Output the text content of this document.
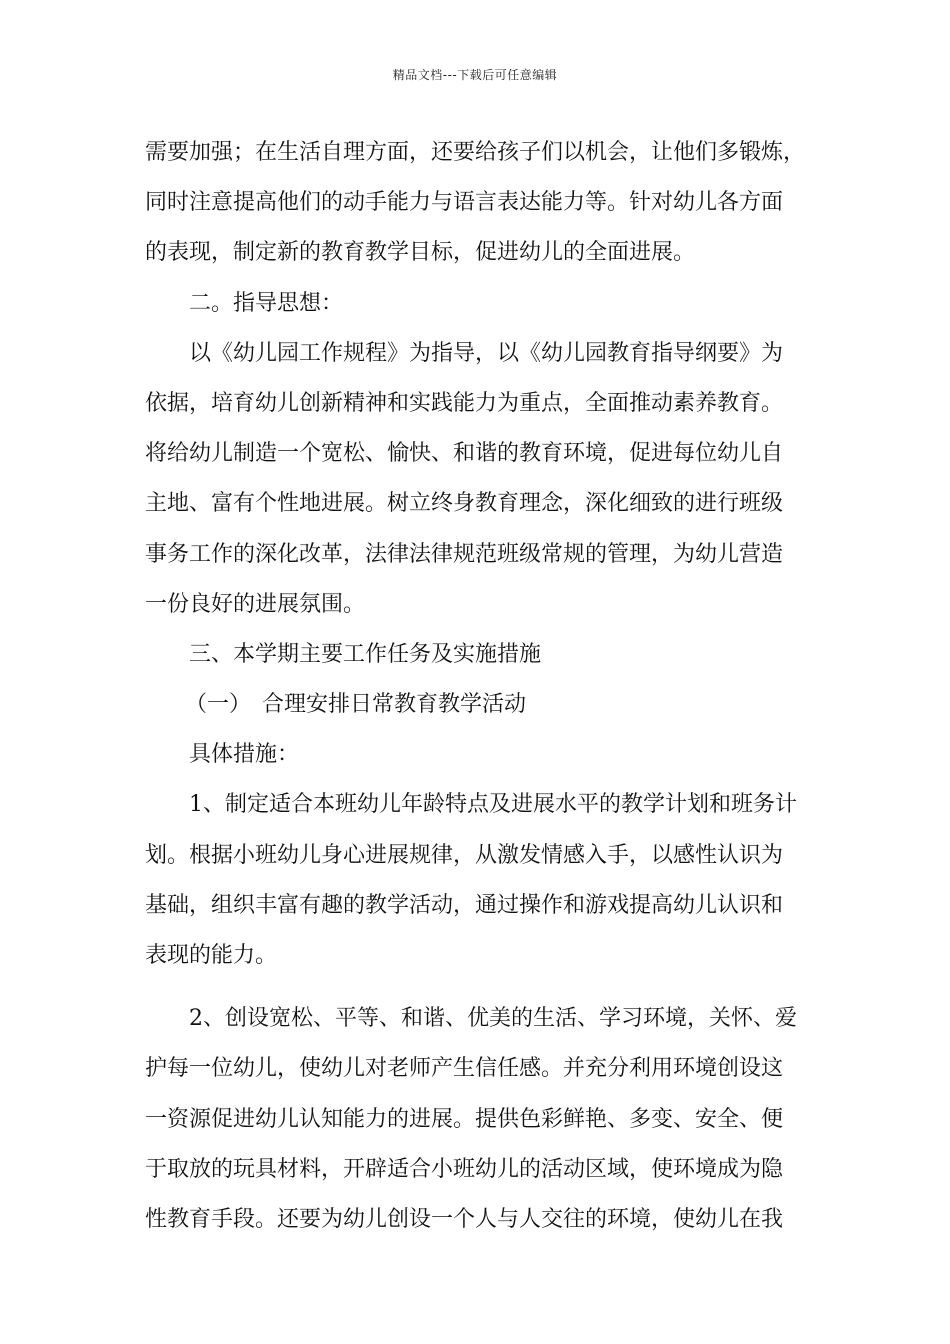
精品文档---下载后可任意编辑
需要加强；在生活自理方面，还要给孩子们以机会，让他们多锻炼，
同时注意提高他们的动手能力与语言表达能力等。针对幼儿各方面
的表现，制定新的教育教学目标，促进幼儿的全面进展。
二。指导思想：
以《幼儿园工作规程》为指导，以《幼儿园教育指导纲要》为
依据，培育幼儿创新精神和实践能力为重点，全面推动素养教育。
将给幼儿制造一个宽松、愉快、和谐的教育环境，促进每位幼儿自
主地、富有个性地进展。树立终身教育理念，深化细致的进行班级
事务工作的深化改革，法律法律规范班级常规的管理，为幼儿营造
一份良好的进展氛围。
三、本学期主要工作任务及实施措施
（一）　合理安排日常教育教学活动
具体措施：
1、制定适合本班幼儿年龄特点及进展水平的教学计划和班务计
划。根据小班幼儿身心进展规律，从激发情感入手，以感性认识为
基础，组织丰富有趣的教学活动，通过操作和游戏提高幼儿认识和
表现的能力。
2、创设宽松、平等、和谐、优美的生活、学习环境，关怀、爱
护每一位幼儿，使幼儿对老师产生信任感。并充分利用环境创设这
一资源促进幼儿认知能力的进展。提供色彩鲜艳、多变、安全、便
于取放的玩具材料，开辟适合小班幼儿的活动区域，使环境成为隐
性教育手段。还要为幼儿创设一个人与人交往的环境，使幼儿在我
